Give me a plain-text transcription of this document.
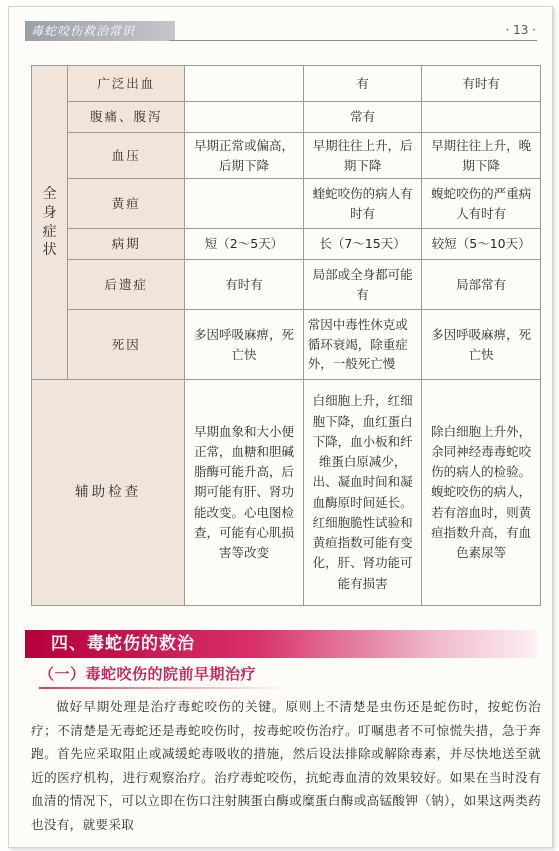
毒蛇咬伤救治常识	· 13 ·
全身症状	广泛出血		有	有时有
	腹痛、腹泻		常有	
	血压	早期正常或偏高，后期下降	早期往往上升，后期下降	早期往往上升，晚期下降
	黄疸		蝰蛇咬伤的病人有时有	蝮蛇咬伤的严重病人有时有
	病期	短（2～5天）	长（7～15天）	较短（5～10天）
	后遗症	有时有	局部或全身都可能有	局部常有
	死因	多因呼吸麻痹，死亡快	常因中毒性休克或循环衰竭，除重症外，一般死亡慢	多因呼吸麻痹，死亡快
辅助检查		早期血象和大小便正常，血糖和胆碱脂酶可能升高，后期可能有肝、肾功能改变。心电图检查，可能有心肌损害等改变	白细胞上升，红细胞下降，血红蛋白下降，血小板和纤维蛋白原减少，出、凝血时间和凝血酶原时间延长。红细胞脆性试验和黄疸指数可能有变化，肝、肾功能可能有损害	除白细胞上升外，余同神经毒毒蛇咬伤的病人的检验。蝮蛇咬伤的病人，若有溶血时，则黄疸指数升高，有血色素尿等
四、毒蛇伤的救治
（一）毒蛇咬伤的院前早期治疗
做好早期处理是治疗毒蛇咬伤的关键。原则上不清楚是虫伤还是蛇伤时，按蛇伤治疗；不清楚是无毒蛇还是毒蛇咬伤时，按毒蛇咬伤治疗。叮嘱患者不可惊慌失措，急于奔跑。首先应采取阻止或减缓蛇毒吸收的措施，然后设法排除或解除毒素，并尽快地送至就近的医疗机构，进行观察治疗。治疗毒蛇咬伤，抗蛇毒血清的效果较好。如果在当时没有血清的情况下，可以立即在伤口注射胰蛋白酶或糜蛋白酶或高锰酸钾（钠），如果这两类药也没有，就要采取
